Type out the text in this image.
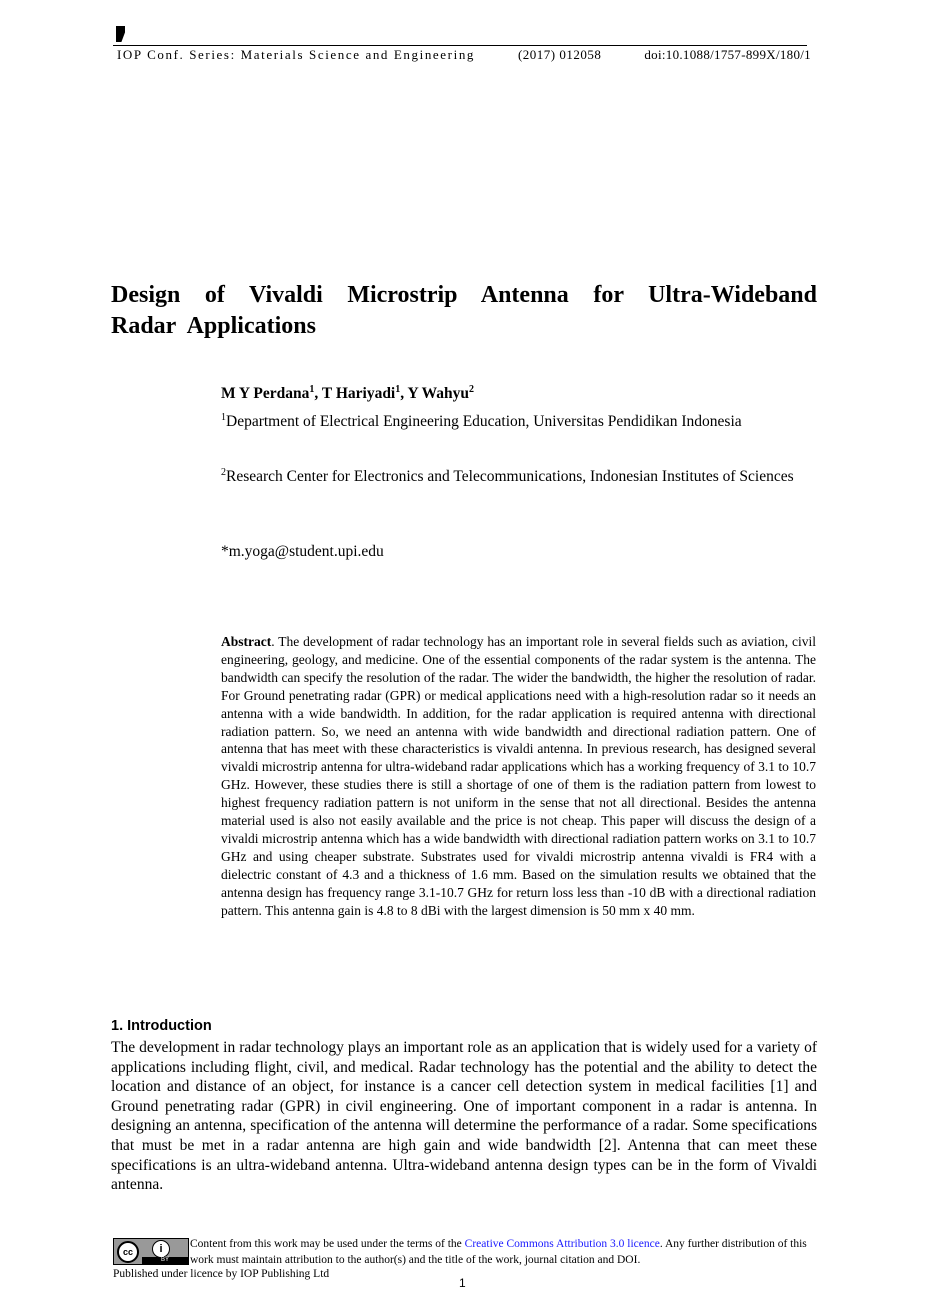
IOP Conf. Series: Materials Science and Engineering	(2017) 012058	doi:10.1088/1757-899X/180/1
Design of Vivaldi Microstrip Antenna for Ultra-Wideband Radar Applications
M Y Perdana$^1$, T Hariyadi$^1$, Y Wahyu$^2$
$^1$Department of Electrical Engineering Education, Universitas Pendidikan Indonesia
$^2$Research Center for Electronics and Telecommunications, Indonesian Institutes of Sciences
*m.yoga@student.upi.edu
Abstract. The development of radar technology has an important role in several fields such as aviation, civil engineering, geology, and medicine. One of the essential components of the radar system is the antenna. The bandwidth can specify the resolution of the radar. The wider the bandwidth, the higher the resolution of radar. For Ground penetrating radar (GPR) or medical applications need with a high-resolution radar so it needs an antenna with a wide bandwidth. In addition, for the radar application is required antenna with directional radiation pattern. So, we need an antenna with wide bandwidth and directional radiation pattern. One of antenna that has meet with these characteristics is vivaldi antenna. In previous research, has designed several vivaldi microstrip antenna for ultra-wideband radar applications which has a working frequency of 3.1 to 10.7 GHz. However, these studies there is still a shortage of one of them is the radiation pattern from lowest to highest frequency radiation pattern is not uniform in the sense that not all directional. Besides the antenna material used is also not easily available and the price is not cheap. This paper will discuss the design of a vivaldi microstrip antenna which has a wide bandwidth with directional radiation pattern works on 3.1 to 10.7 GHz and using cheaper substrate. Substrates used for vivaldi microstrip antenna vivaldi is FR4 with a dielectric constant of 4.3 and a thickness of 1.6 mm. Based on the simulation results we obtained that the antenna design has frequency range 3.1-10.7 GHz for return loss less than -10 dB with a directional radiation pattern. This antenna gain is 4.8 to 8 dBi with the largest dimension is 50 mm x 40 mm.
1. Introduction
The development in radar technology plays an important role as an application that is widely used for a variety of applications including flight, civil, and medical. Radar technology has the potential and the ability to detect the location and distance of an object, for instance is a cancer cell detection system in medical facilities [1] and Ground penetrating radar (GPR) in civil engineering. One of important component in a radar is antenna. In designing an antenna, specification of the antenna will determine the performance of a radar. Some specifications that must be met in a radar antenna are high gain and wide bandwidth [2]. Antenna that can meet these specifications is an ultra-wideband antenna. Ultra-wideband antenna design types can be in the form of Vivaldi antenna.
cc	i
BY
Content from this work may be used under the terms of the Creative Commons Attribution 3.0 licence. Any further distribution of this work must maintain attribution to the author(s) and the title of the work, journal citation and DOI.
Published under licence by IOP Publishing Ltd
1
